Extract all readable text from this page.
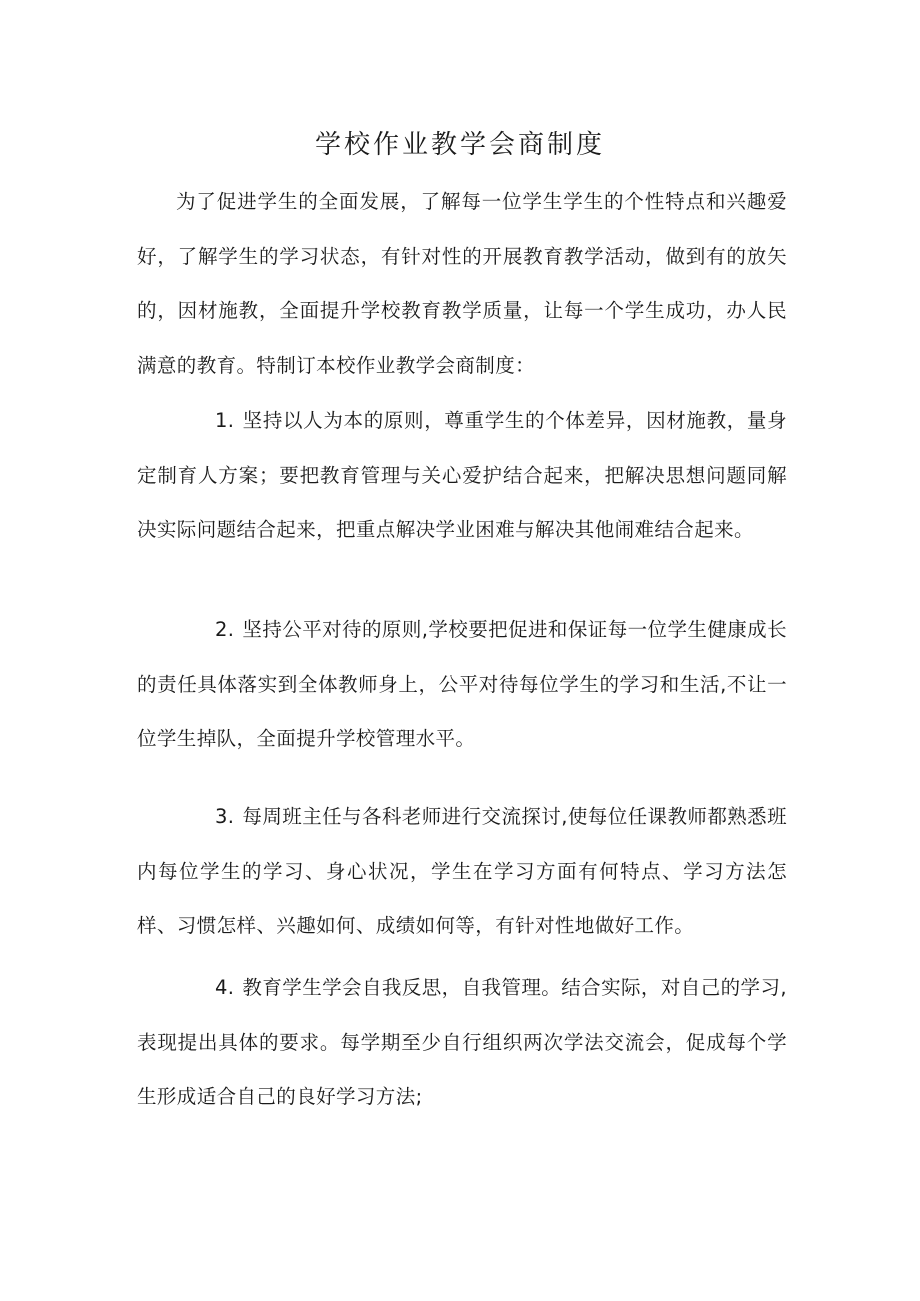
学校作业教学会商制度

为了促进学生的全面发展，了解每一位学生学生的个性特点和兴趣爱好，了解学生的学习状态，有针对性的开展教育教学活动，做到有的放矢的，因材施教，全面提升学校教育教学质量，让每一个学生成功，办人民满意的教育。特制订本校作业教学会商制度：

1. 坚持以人为本的原则，尊重学生的个体差异，因材施教，量身定制育人方案；要把教育管理与关心爱护结合起来，把解决思想问题同解决实际问题结合起来，把重点解决学业困难与解决其他闹难结合起来。

2. 坚持公平对待的原则,学校要把促进和保证每一位学生健康成长的责任具体落实到全体教师身上，公平对待每位学生的学习和生活,不让一位学生掉队，全面提升学校管理水平。

3. 每周班主任与各科老师进行交流探讨,使每位任课教师都熟悉班内每位学生的学习、身心状况，学生在学习方面有何特点、学习方法怎样、习惯怎样、兴趣如何、成绩如何等，有针对性地做好工作。

4. 教育学生学会自我反思，自我管理。结合实际，对自己的学习,表现提出具体的要求。每学期至少自行组织两次学法交流会，促成每个学生形成适合自己的良好学习方法;
